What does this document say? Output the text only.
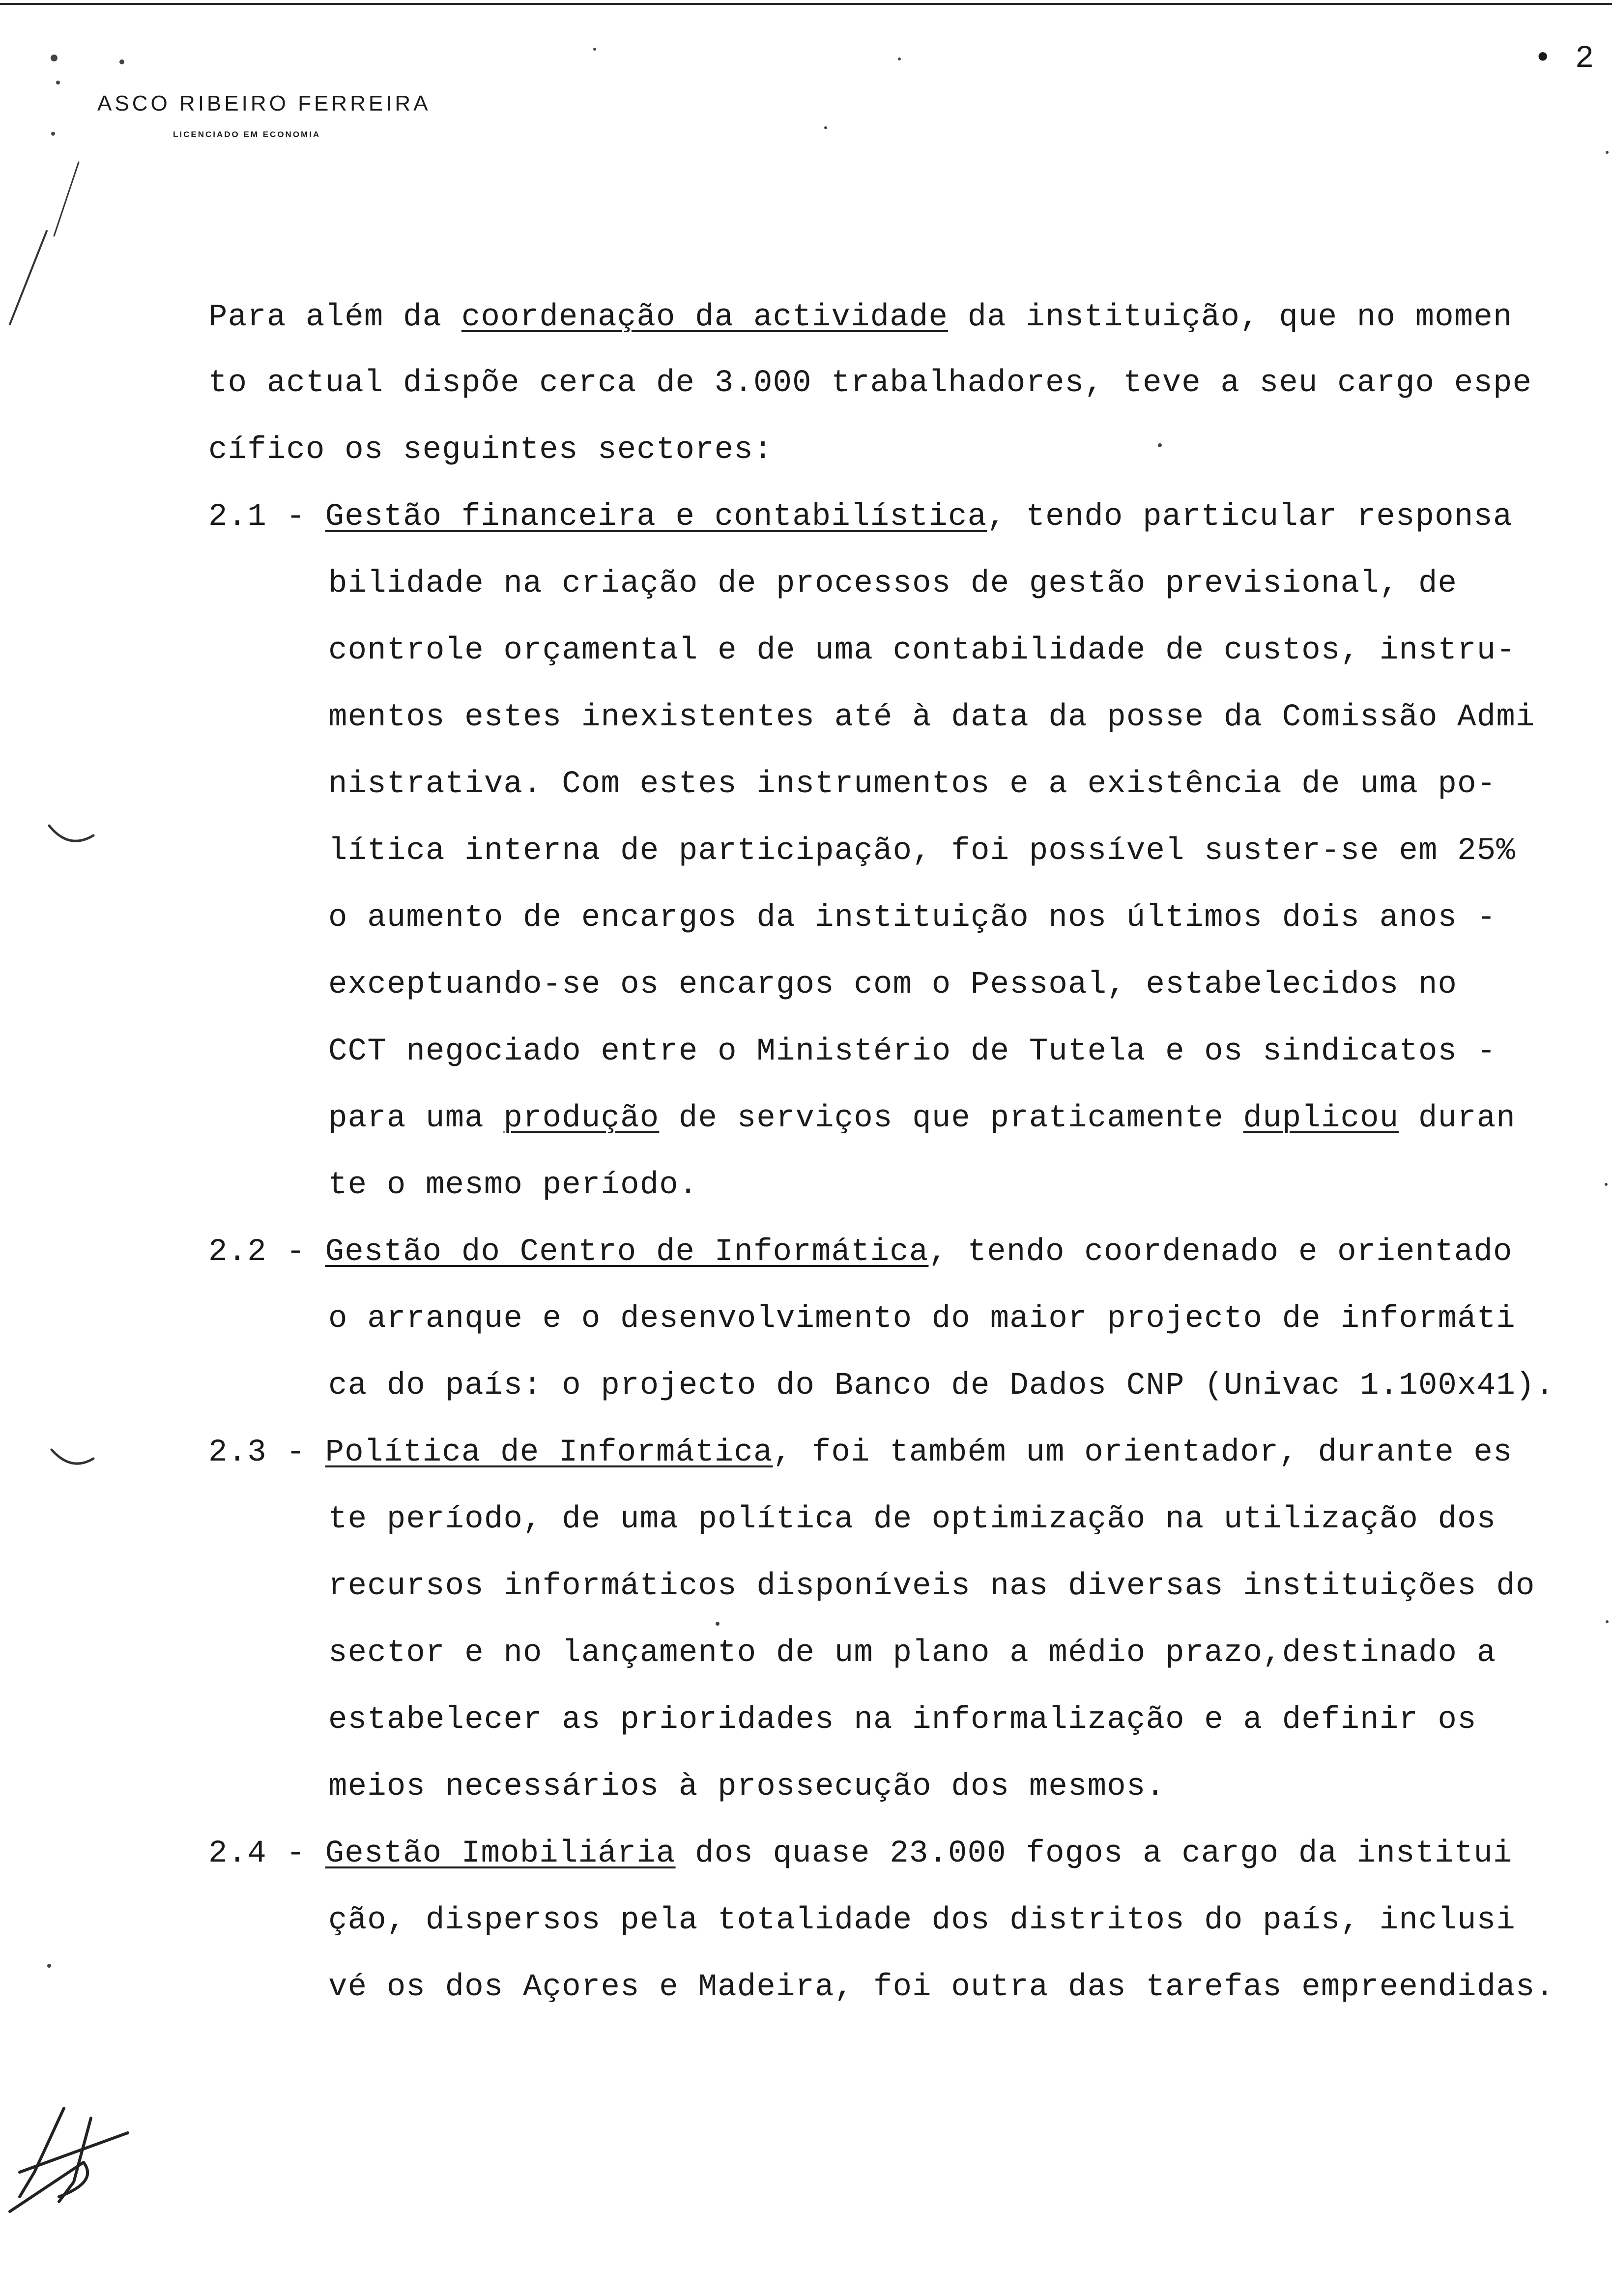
• 2
ASCO RIBEIRO FERREIRA
LICENCIADO EM ECONOMIA
Para além da coordenação da actividade da instituição, que no momen
to actual dispõe cerca de 3.000 trabalhadores, teve a seu cargo espe
cífico os seguintes sectores:
2.1 - Gestão financeira e contabilística, tendo particular responsa
bilidade na criação de processos de gestão previsional, de
controle orçamental e de uma contabilidade de custos, instru-
mentos estes inexistentes até à data da posse da Comissão Admi
nistrativa. Com estes instrumentos e a existência de uma po-
lítica interna de participação, foi possível suster-se em 25%
o aumento de encargos da instituição nos últimos dois anos -
exceptuando-se os encargos com o Pessoal, estabelecidos no
CCT negociado entre o Ministério de Tutela e os sindicatos -
para uma produção de serviços que praticamente duplicou duran
te o mesmo período.
2.2 - Gestão do Centro de Informática, tendo coordenado e orientado
o arranque e o desenvolvimento do maior projecto de informáti
ca do país: o projecto do Banco de Dados CNP (Univac 1.100x41).
2.3 - Política de Informática, foi também um orientador, durante es
te período, de uma política de optimização na utilização dos
recursos informáticos disponíveis nas diversas instituições do
sector e no lançamento de um plano a médio prazo,destinado a
estabelecer as prioridades na informalização e a definir os
meios necessários à prossecução dos mesmos.
2.4 - Gestão Imobiliária dos quase 23.000 fogos a cargo da institui
ção, dispersos pela totalidade dos distritos do país, inclusi
vé os dos Açores e Madeira, foi outra das tarefas empreendidas.
